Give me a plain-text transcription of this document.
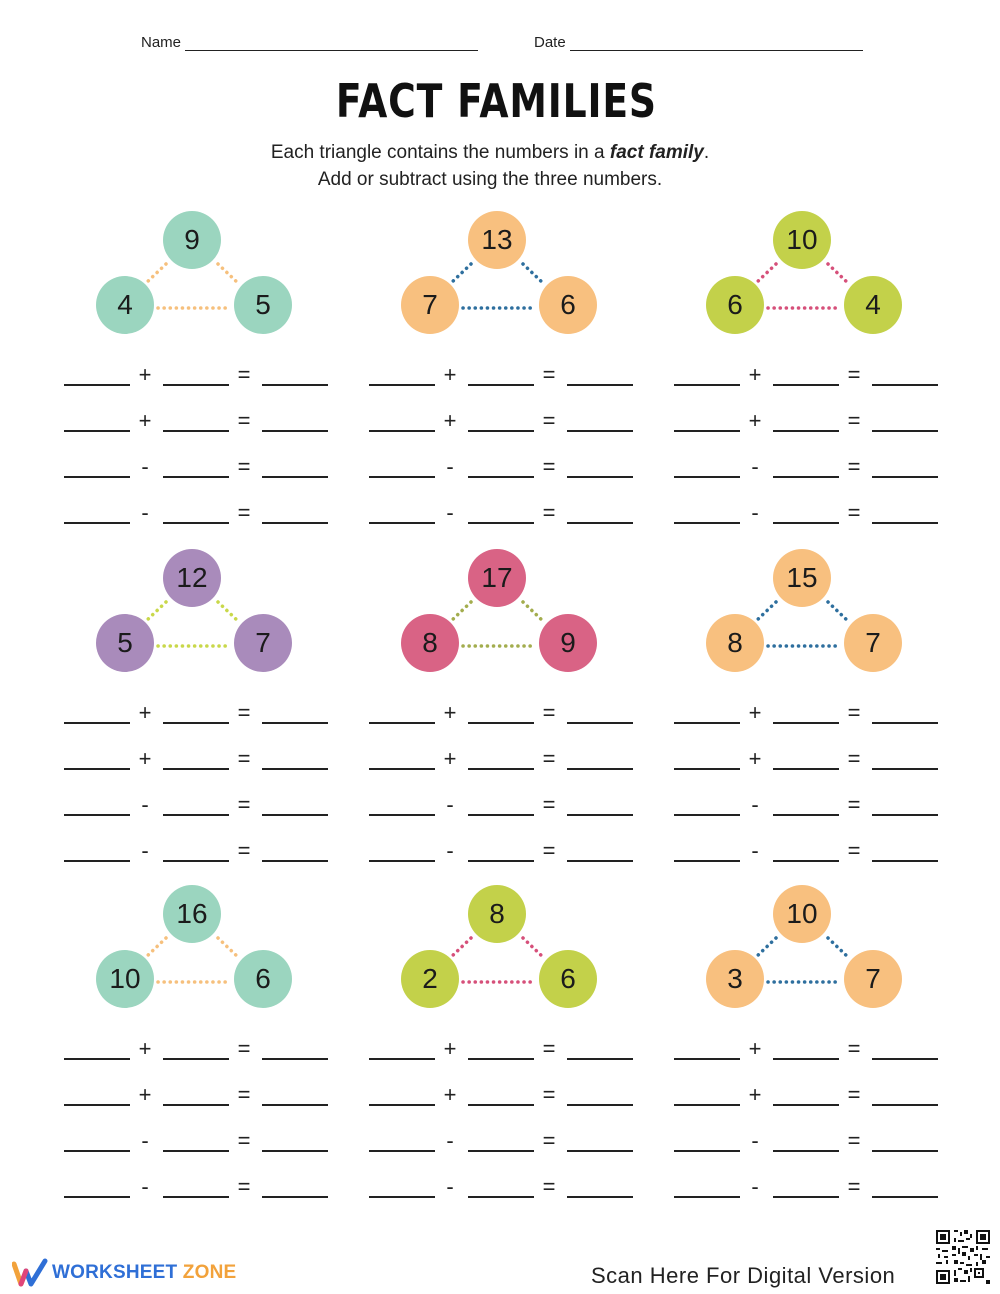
Name	Date
FACT FAMILIES
Each triangle contains the numbers in a fact family.
Add or subtract using the three numbers.
9
4	5
+	=
+	=
-	=
-	=
13
7	6
+	=
+	=
-	=
-	=
10
6	4
+	=
+	=
-	=
-	=
12
5	7
+	=
+	=
-	=
-	=
17
8	9
+	=
+	=
-	=
-	=
15
8	7
+	=
+	=
-	=
-	=
16
10	6
+	=
+	=
-	=
-	=
8
2	6
+	=
+	=
-	=
-	=
10
3	7
+	=
+	=
-	=
-	=
WORKSHEET ZONE	Scan Here For Digital Version
